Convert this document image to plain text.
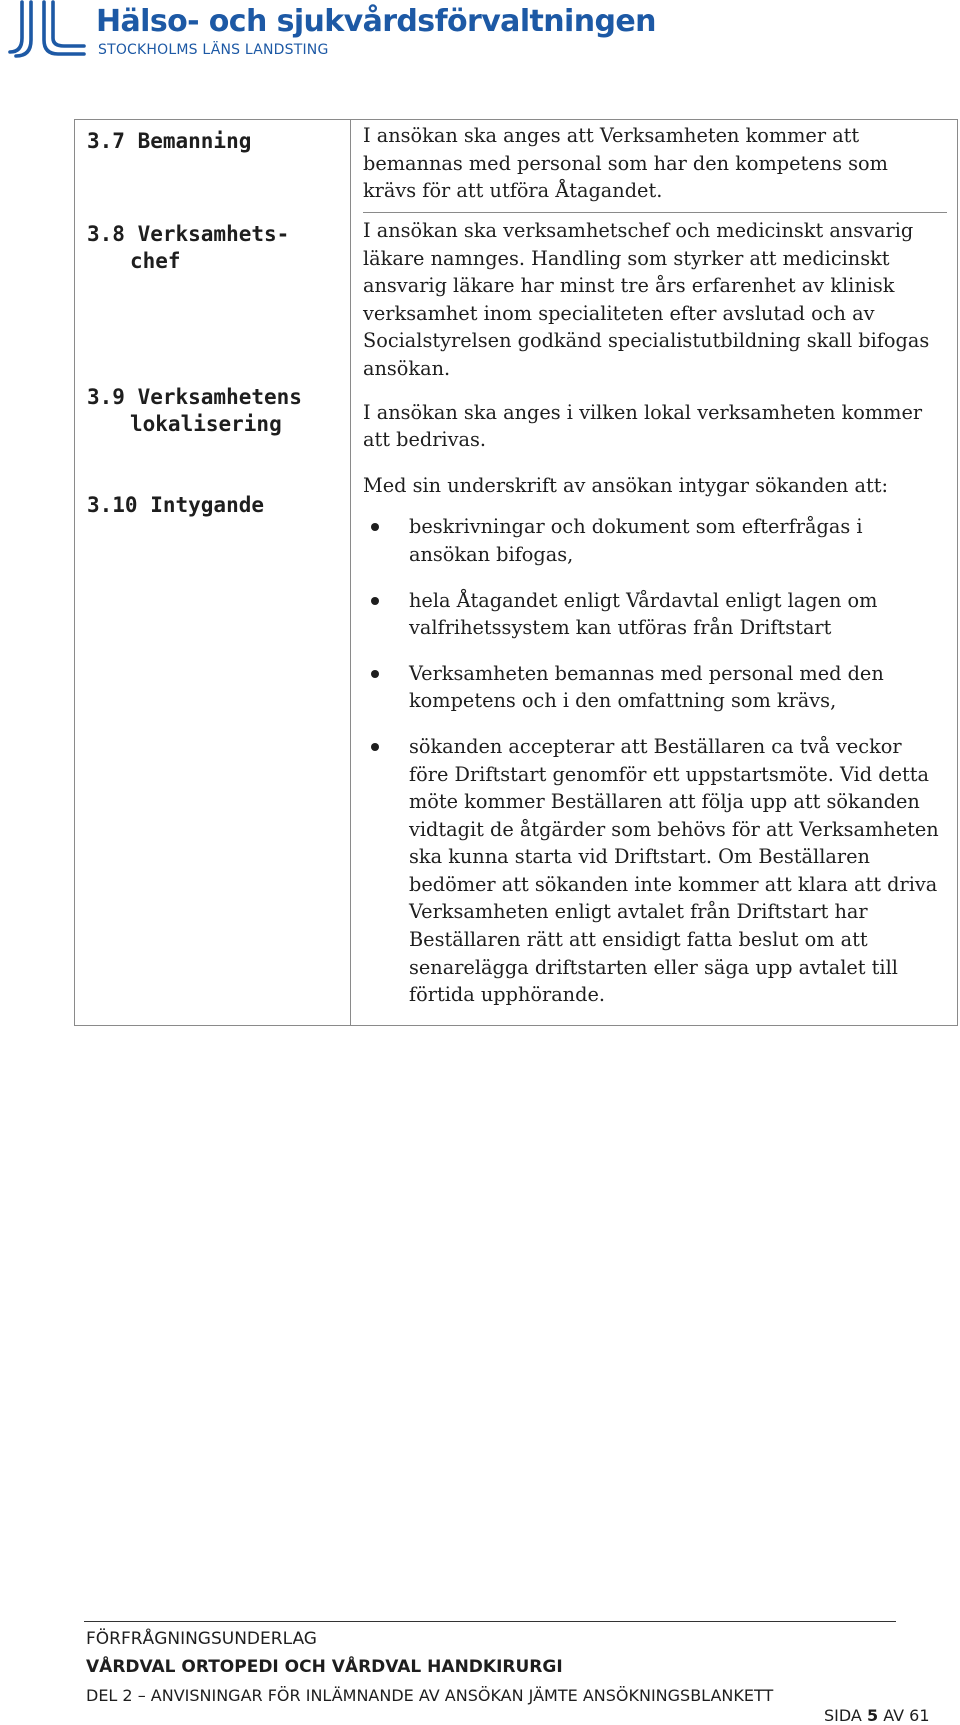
Hälso- och sjukvårdsförvaltningen
STOCKHOLMS LÄNS LANDSTING
3.7 Bemanning
3.8 Verksamhets-
chef
3.9 Verksamhetens
lokalisering
3.10 Intygande

I ansökan ska anges att Verksamheten kommer att bemannas med personal som har den kompetens som krävs för att utföra Åtagandet.

I ansökan ska verksamhetschef och medicinskt ansvarig läkare namnges. Handling som styrker att medicinskt ansvarig läkare har minst tre års erfarenhet av klinisk verksamhet inom specialiteten efter avslutad och av Socialstyrelsen godkänd specialistutbildning skall bifogas ansökan.

I ansökan ska anges i vilken lokal verksamheten kommer att bedrivas.

Med sin underskrift av ansökan intygar sökanden att:

beskrivningar och dokument som efterfrågas i ansökan bifogas,
hela Åtagandet enligt Vårdavtal enligt lagen om valfrihetssystem kan utföras från Driftstart
Verksamheten bemannas med personal med den kompetens och i den omfattning som krävs,
sökanden accepterar att Beställaren ca två veckor före Driftstart genomför ett uppstartsmöte. Vid detta möte kommer Beställaren att följa upp att sökanden vidtagit de åtgärder som behövs för att Verksamheten ska kunna starta vid Driftstart. Om Beställaren bedömer att sökanden inte kommer att klara att driva Verksamheten enligt avtalet från Driftstart har Beställaren rätt att ensidigt fatta beslut om att senarelägga driftstarten eller säga upp avtalet till förtida upphörande.
FÖRFRÅGNINGSUNDERLAG
VÅRDVAL ORTOPEDI OCH VÅRDVAL HANDKIRURGI
DEL 2 – ANVISNINGAR FÖR INLÄMNANDE AV ANSÖKAN JÄMTE ANSÖKNINGSBLANKETT
SIDA 5 AV 61
